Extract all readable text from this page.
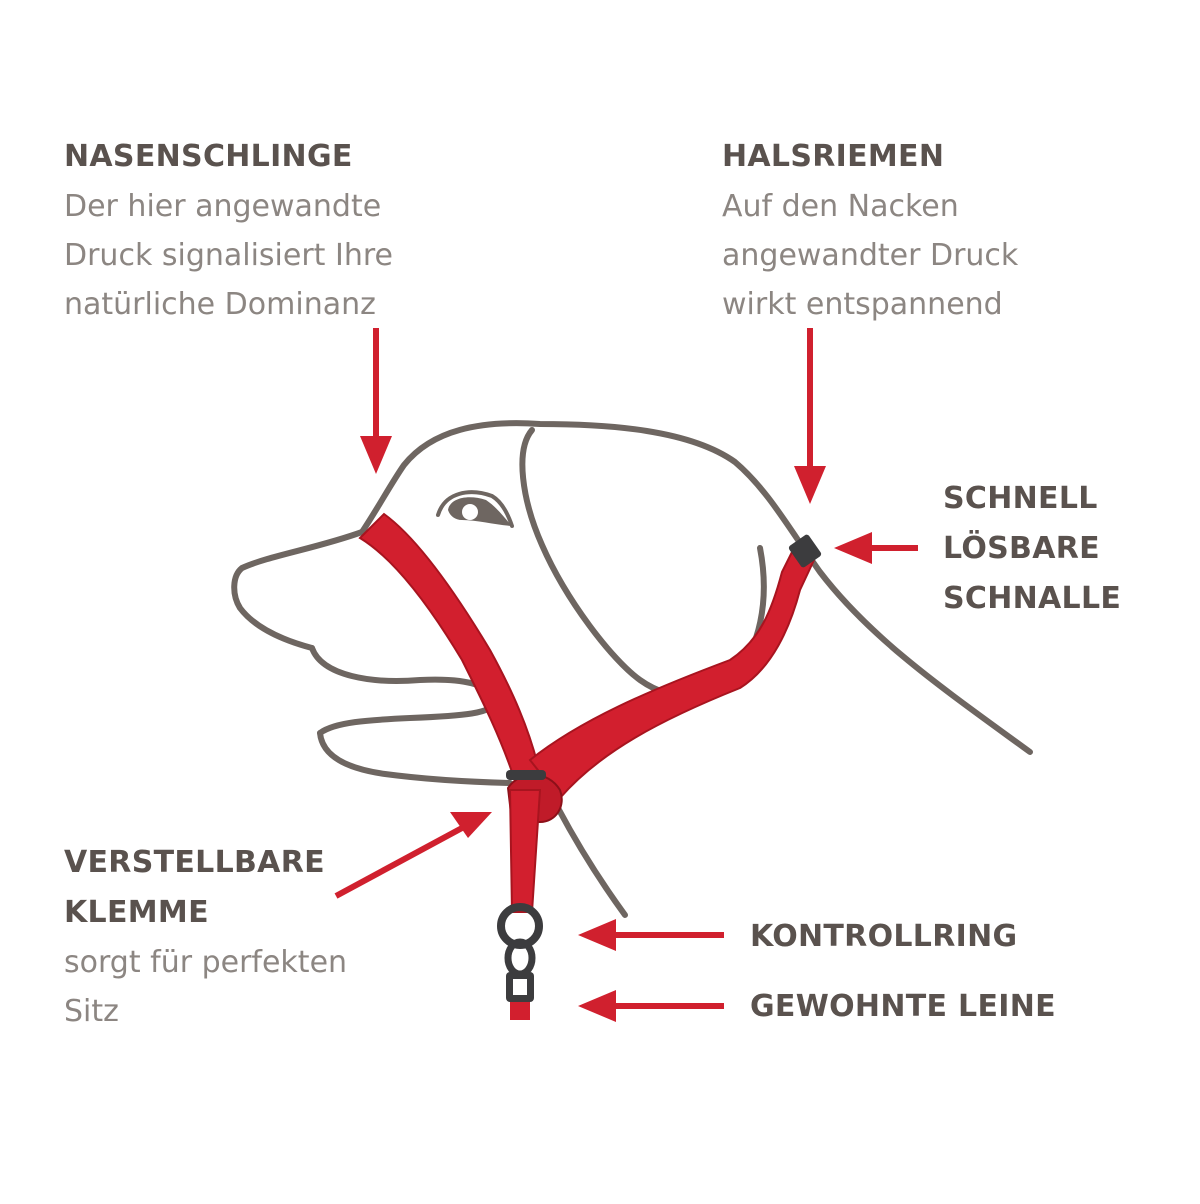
NASENSCHLINGE
Der hier angewandte
Druck signalisiert Ihre
natürliche Dominanz
HALSRIEMEN
Auf den Nacken
angewandter Druck
wirkt entspannend
SCHNELL
LÖSBARE
SCHNALLE
VERSTELLBARE
KLEMME
sorgt für perfekten
Sitz
KONTROLLRING
GEWOHNTE LEINE
